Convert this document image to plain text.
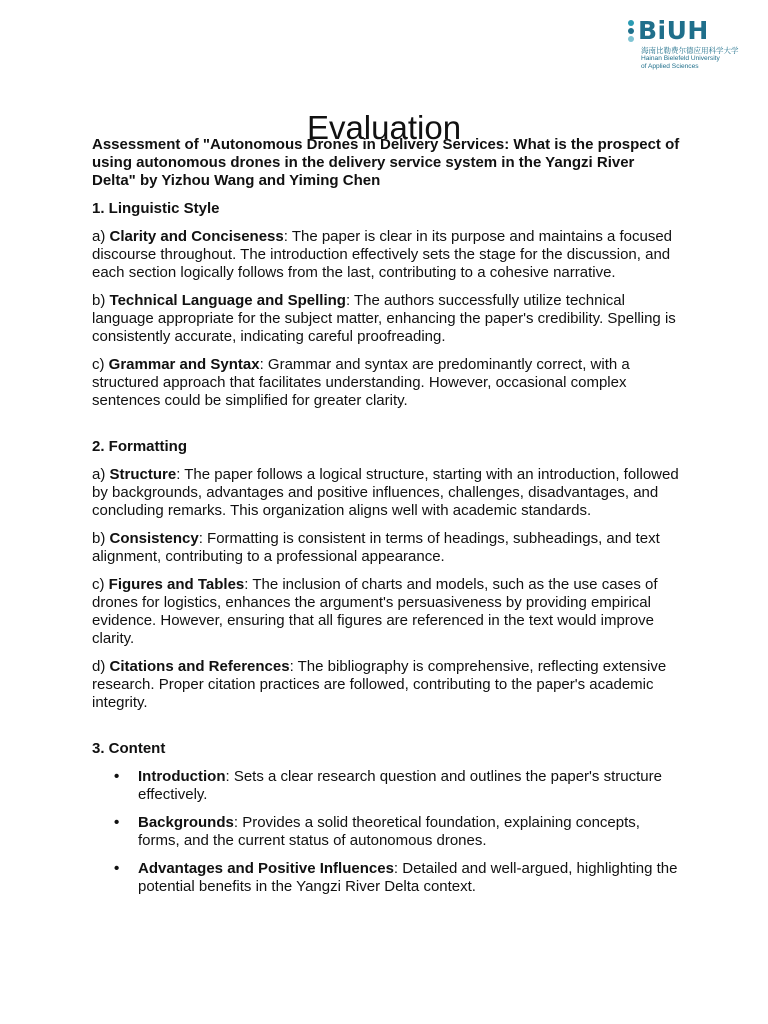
BiUH
海南比勒费尔德应用科学大学
Hainan Bielefeld University
of Applied Sciences
Evaluation

Assessment of "Autonomous Drones in Delivery Services: What is the prospect of using autonomous drones in the delivery service system in the Yangzi River Delta" by Yizhou Wang and Yiming Chen

1. Linguistic Style

a) Clarity and Conciseness: The paper is clear in its purpose and maintains a focused discourse throughout. The introduction effectively sets the stage for the discussion, and each section logically follows from the last, contributing to a cohesive narrative.

b) Technical Language and Spelling: The authors successfully utilize technical language appropriate for the subject matter, enhancing the paper's credibility. Spelling is consistently accurate, indicating careful proofreading.

c) Grammar and Syntax: Grammar and syntax are predominantly correct, with a structured approach that facilitates understanding. However, occasional complex sentences could be simplified for greater clarity.

2. Formatting

a) Structure: The paper follows a logical structure, starting with an introduction, followed by backgrounds, advantages and positive influences, challenges, disadvantages, and concluding remarks. This organization aligns well with academic standards.

b) Consistency: Formatting is consistent in terms of headings, subheadings, and text alignment, contributing to a professional appearance.

c) Figures and Tables: The inclusion of charts and models, such as the use cases of drones for logistics, enhances the argument's persuasiveness by providing empirical evidence. However, ensuring that all figures are referenced in the text would improve clarity.

d) Citations and References: The bibliography is comprehensive, reflecting extensive research. Proper citation practices are followed, contributing to the paper's academic integrity.

3. Content

• Introduction: Sets a clear research question and outlines the paper's structure effectively.
• Backgrounds: Provides a solid theoretical foundation, explaining concepts, forms, and the current status of autonomous drones.
• Advantages and Positive Influences: Detailed and well-argued, highlighting the potential benefits in the Yangzi River Delta context.
